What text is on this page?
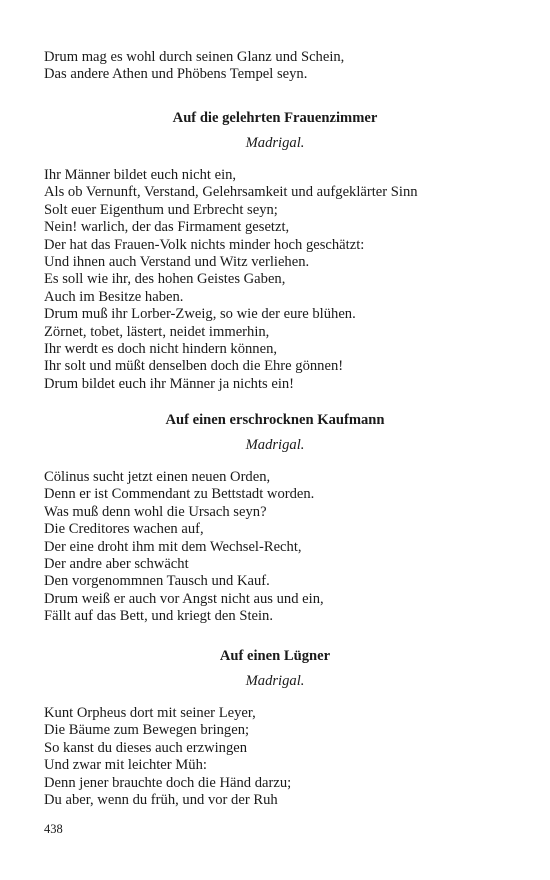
Drum mag es wohl durch seinen Glanz und Schein,
Das andere Athen und Phöbens Tempel seyn.
Auf die gelehrten Frauenzimmer
Madrigal.
Ihr Männer bildet euch nicht ein,
Als ob Vernunft, Verstand, Gelehrsamkeit und aufgeklärter Sinn
Solt euer Eigenthum und Erbrecht seyn;
Nein! warlich, der das Firmament gesetzt,
Der hat das Frauen-Volk nichts minder hoch geschätzt:
Und ihnen auch Verstand und Witz verliehen.
Es soll wie ihr, des hohen Geistes Gaben,
Auch im Besitze haben.
Drum muß ihr Lorber-Zweig, so wie der eure blühen.
Zörnet, tobet, lästert, neidet immerhin,
Ihr werdt es doch nicht hindern können,
Ihr solt und müßt denselben doch die Ehre gönnen!
Drum bildet euch ihr Männer ja nichts ein!
Auf einen erschrocknen Kaufmann
Madrigal.
Cölinus sucht jetzt einen neuen Orden,
Denn er ist Commendant zu Bettstadt worden.
Was muß denn wohl die Ursach seyn?
Die Creditores wachen auf,
Der eine droht ihm mit dem Wechsel-Recht,
Der andre aber schwächt
Den vorgenommnen Tausch und Kauf.
Drum weiß er auch vor Angst nicht aus und ein,
Fällt auf das Bett, und kriegt den Stein.
Auf einen Lügner
Madrigal.
Kunt Orpheus dort mit seiner Leyer,
Die Bäume zum Bewegen bringen;
So kanst du dieses auch erzwingen
Und zwar mit leichter Müh:
Denn jener brauchte doch die Händ darzu;
Du aber, wenn du früh, und vor der Ruh
438
